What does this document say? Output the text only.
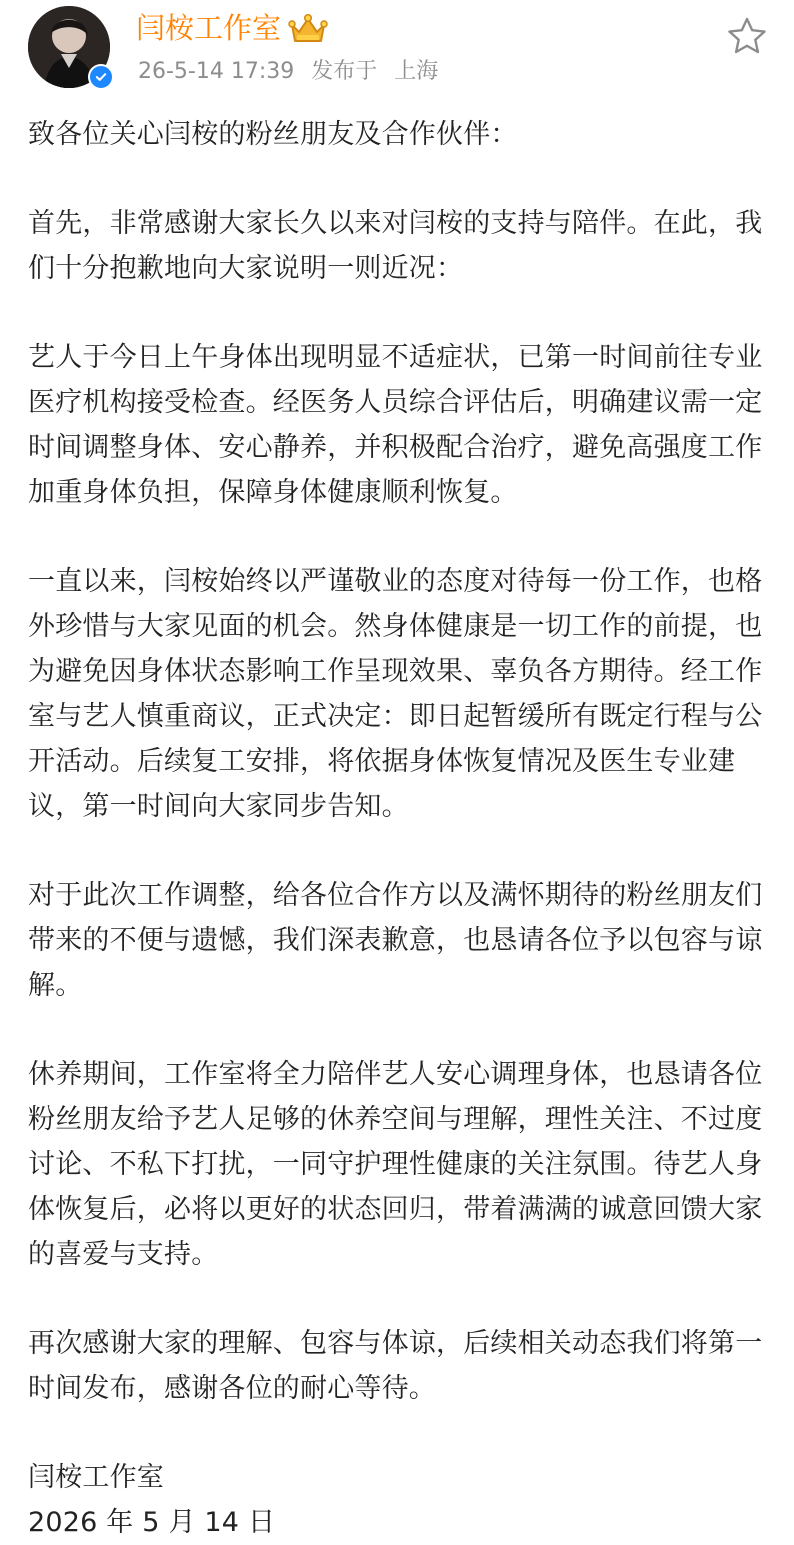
闫桉工作室
26-5-14 17:39 发布于 上海

致各位关心闫桉的粉丝朋友及合作伙伴：

首先，非常感谢大家长久以来对闫桉的支持与陪伴。在此，我们十分抱歉地向大家说明一则近况：

艺人于今日上午身体出现明显不适症状，已第一时间前往专业医疗机构接受检查。经医务人员综合评估后，明确建议需一定时间调整身体、安心静养，并积极配合治疗，避免高强度工作加重身体负担，保障身体健康顺利恢复。

一直以来，闫桉始终以严谨敬业的态度对待每一份工作，也格外珍惜与大家见面的机会。然身体健康是一切工作的前提，也为避免因身体状态影响工作呈现效果、辜负各方期待。经工作室与艺人慎重商议，正式决定：即日起暂缓所有既定行程与公开活动。后续复工安排，将依据身体恢复情况及医生专业建议，第一时间向大家同步告知。

对于此次工作调整，给各位合作方以及满怀期待的粉丝朋友们带来的不便与遗憾，我们深表歉意，也恳请各位予以包容与谅解。

休养期间，工作室将全力陪伴艺人安心调理身体，也恳请各位粉丝朋友给予艺人足够的休养空间与理解，理性关注、不过度讨论、不私下打扰，一同守护理性健康的关注氛围。待艺人身体恢复后，必将以更好的状态回归，带着满满的诚意回馈大家的喜爱与支持。

再次感谢大家的理解、包容与体谅，后续相关动态我们将第一时间发布，感谢各位的耐心等待。

闫桉工作室

2026 年 5 月 14 日
